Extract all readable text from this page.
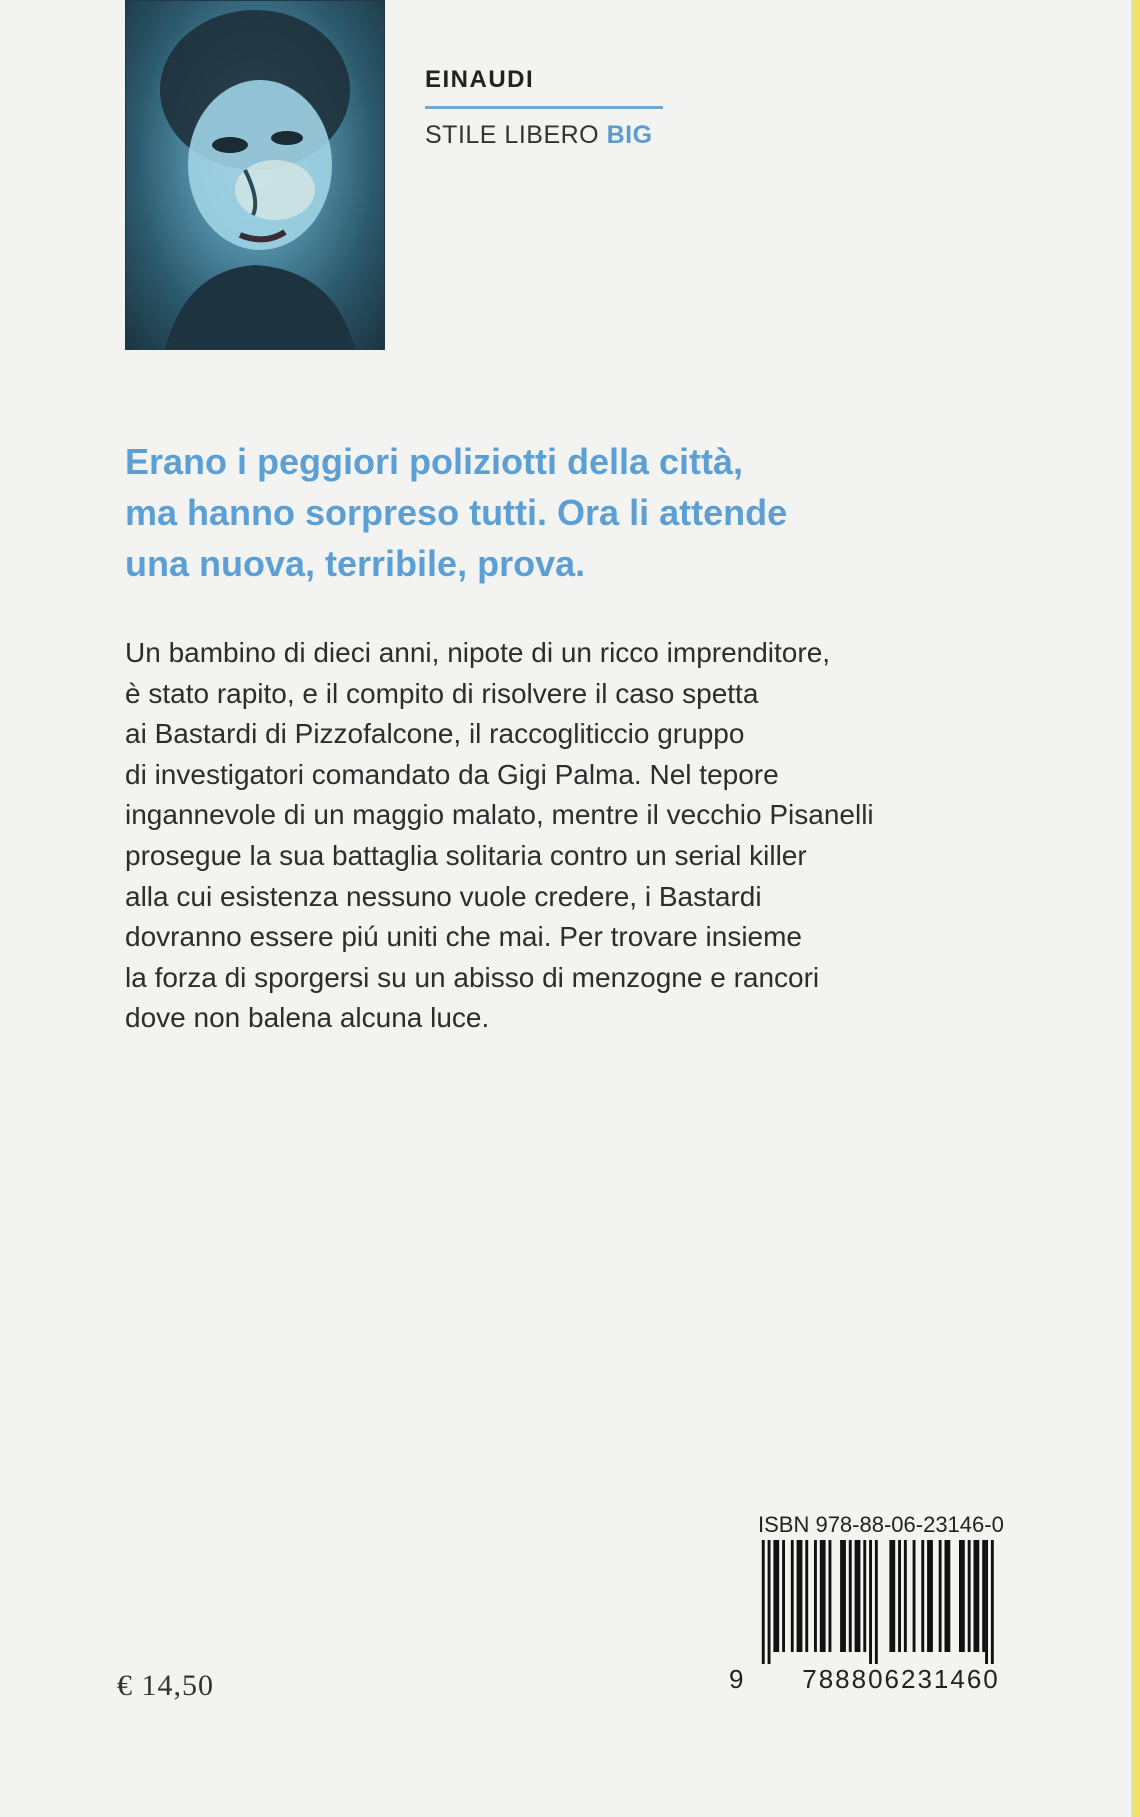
EINAUDI
STILE LIBERO BIG
Erano i peggiori poliziotti della città,
ma hanno sorpreso tutti. Ora li attende
una nuova, terribile, prova.
Un bambino di dieci anni, nipote di un ricco imprenditore,
è stato rapito, e il compito di risolvere il caso spetta
ai Bastardi di Pizzofalcone, il raccogliticcio gruppo
di investigatori comandato da Gigi Palma. Nel tepore
ingannevole di un maggio malato, mentre il vecchio Pisanelli
prosegue la sua battaglia solitaria contro un serial killer
alla cui esistenza nessuno vuole credere, i Bastardi
dovranno essere piú uniti che mai. Per trovare insieme
la forza di sporgersi su un abisso di menzogne e rancori
dove non balena alcuna luce.
ISBN 978-88-06-23146-0
9	788806231460
€ 14,50
